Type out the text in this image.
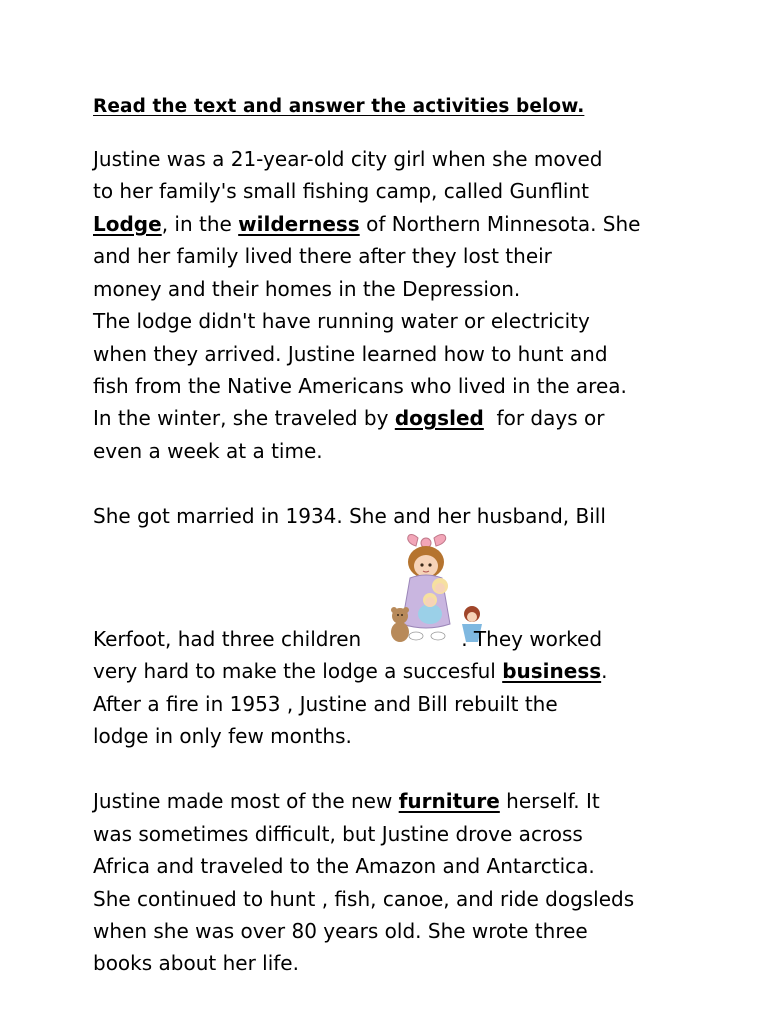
Read the text and answer the activities below.
Justine was a 21-year-old city girl when she moved
to her family's small fishing camp, called Gunflint
Lodge, in the wilderness of Northern Minnesota. She
and her family lived there after they lost their
money and their homes in the Depression.
The lodge didn't have running water or electricity
when they arrived. Justine learned how to hunt and
fish from the Native Americans who lived in the area.
In the winter, she traveled by dogsled  for days or
even a week at a time.
She got married in 1934. She and her husband, Bill
Kerfoot, had three children	. They worked
very hard to make the lodge a succesful business.
After a fire in 1953 , Justine and Bill rebuilt the
lodge in only few months.
Justine made most of the new furniture herself. It
was sometimes difficult, but Justine drove across
Africa and traveled to the Amazon and Antarctica.
She continued to hunt , fish, canoe, and ride dogsleds
when she was over 80 years old. She wrote three
books about her life.
